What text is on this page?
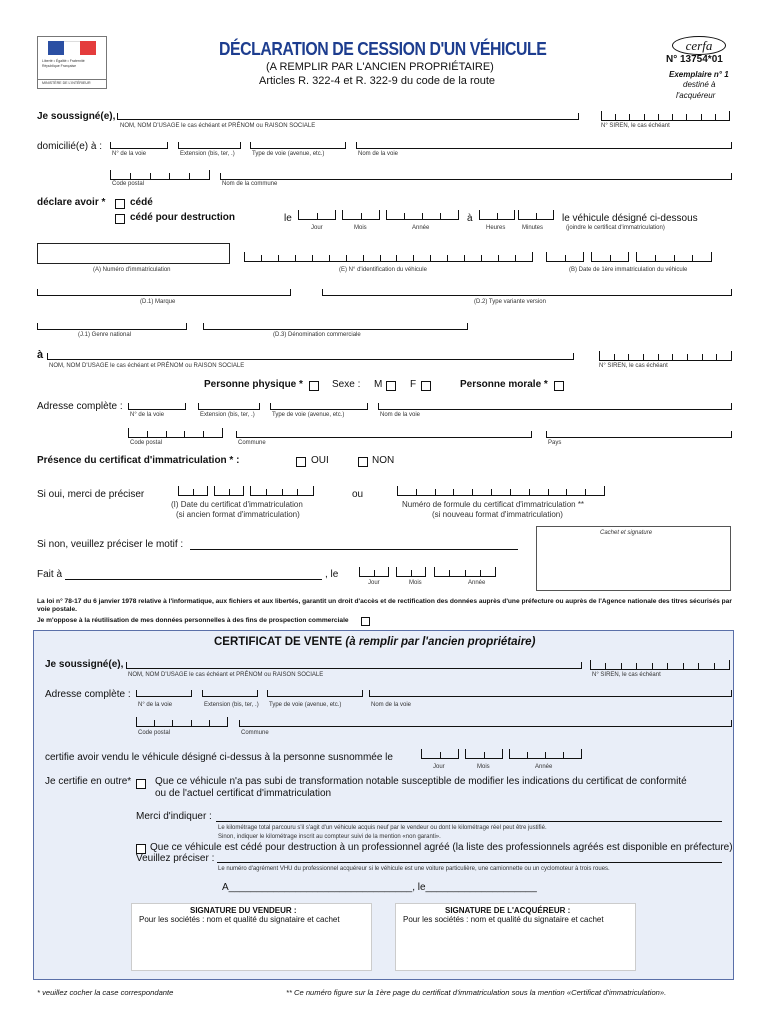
Liberté • Égalité • Fraternité
République Française
MINISTÈRE DE L'INTÉRIEUR
DÉCLARATION DE CESSION D'UN VÉHICULE
(A REMPLIR PAR L'ANCIEN PROPRIÉTAIRE)
Articles R. 322-4 et R. 322-9 du code de la route
cerfa
N° 13754*01
Exemplaire n° 1
destiné à
l'acquéreur
Je soussigné(e),
NOM, NOM D'USAGE le cas échéant et PRÉNOM ou RAISON SOCIALE	N° SIREN, le cas échéant
domicilié(e) à :
N° de la voie	Extension (bis, ter, .)	Type de voie (avenue, etc.)	Nom de la voie
Code postal	Nom de la commune
déclare avoir * cédé
cédé pour destruction	le	à	le véhicule désigné ci-dessous
Jour	Mois	Année	Heures	Minutes	(joindre le certificat d'immatriculation)
(A) Numéro d'immatriculation	(E) N° d'identification du véhicule	(B) Date de 1ère immatriculation du véhicule
(D.1) Marque	(D.2) Type variante version
(J.1) Genre national	(D.3) Dénomination commerciale
à
NOM, NOM D'USAGE le cas échéant et PRÉNOM ou RAISON SOCIALE	N° SIREN, le cas échéant
Personne physique *	Sexe : M	F	Personne morale *
Adresse complète :
N° de la voie	Extension (bis, ter, .)	Type de voie (avenue, etc.)	Nom de la voie
Code postal	Commune	Pays
Présence du certificat d'immatriculation * :	OUI	NON
Si oui, merci de préciser
(I) Date du certificat d'immatriculation
(si ancien format d'immatriculation)
ou
Numéro de formule du certificat d'immatriculation **
(si nouveau format d'immatriculation)
Si non, veuillez préciser le motif :
Cachet et signature
Fait à	, le
Jour	Mois	Année
La loi n° 78-17 du 6 janvier 1978 relative à l'informatique, aux fichiers et aux libertés, garantit un droit d'accès et de rectification des données auprès d'une préfecture ou auprès de l'Agence nationale des titres sécurisés par voie postale.
Je m'oppose à la réutilisation de mes données personnelles à des fins de prospection commerciale
CERTIFICAT DE VENTE (à remplir par l'ancien propriétaire)
Je soussigné(e),
NOM, NOM D'USAGE le cas échéant et PRÉNOM ou RAISON SOCIALE	N° SIREN, le cas échéant
Adresse complète :
N° de la voie	Extension (bis, ter, .) Type de voie (avenue, etc.)	Nom de la voie
Code postal	Commune
certifie avoir vendu le véhicule désigné ci-dessus à la personne susnommée le
Jour	Mois	Année
Je certifie en outre* Que ce véhicule n'a pas subi de transformation notable susceptible de modifier les indications du certificat de conformité
ou de l'actuel certificat d'immatriculation
Merci d'indiquer :
Le kilométrage total parcouru s'il s'agit d'un véhicule acquis neuf par le vendeur ou dont le kilométrage réel peut être justifié.
Sinon, indiquer le kilométrage inscrit au compteur suivi de la mention «non garanti».
Que ce véhicule est cédé pour destruction à un professionnel agréé (la liste des professionnels agréés est disponible en préfecture)
Veuillez préciser :
Le numéro d'agrément VHU du professionnel acquéreur si le véhicule est une voiture particulière, une camionnette ou un cyclomoteur à trois roues.
A_________________________________, le____________________
SIGNATURE DU VENDEUR :
Pour les sociétés : nom et qualité du signataire et cachet
SIGNATURE DE L'ACQUÉREUR :
Pour les sociétés : nom et qualité du signataire et cachet
* veuillez cocher la case correspondante	** Ce numéro figure sur la 1ère page du certificat d'immatriculation sous la mention «Certificat d'immatriculation».
